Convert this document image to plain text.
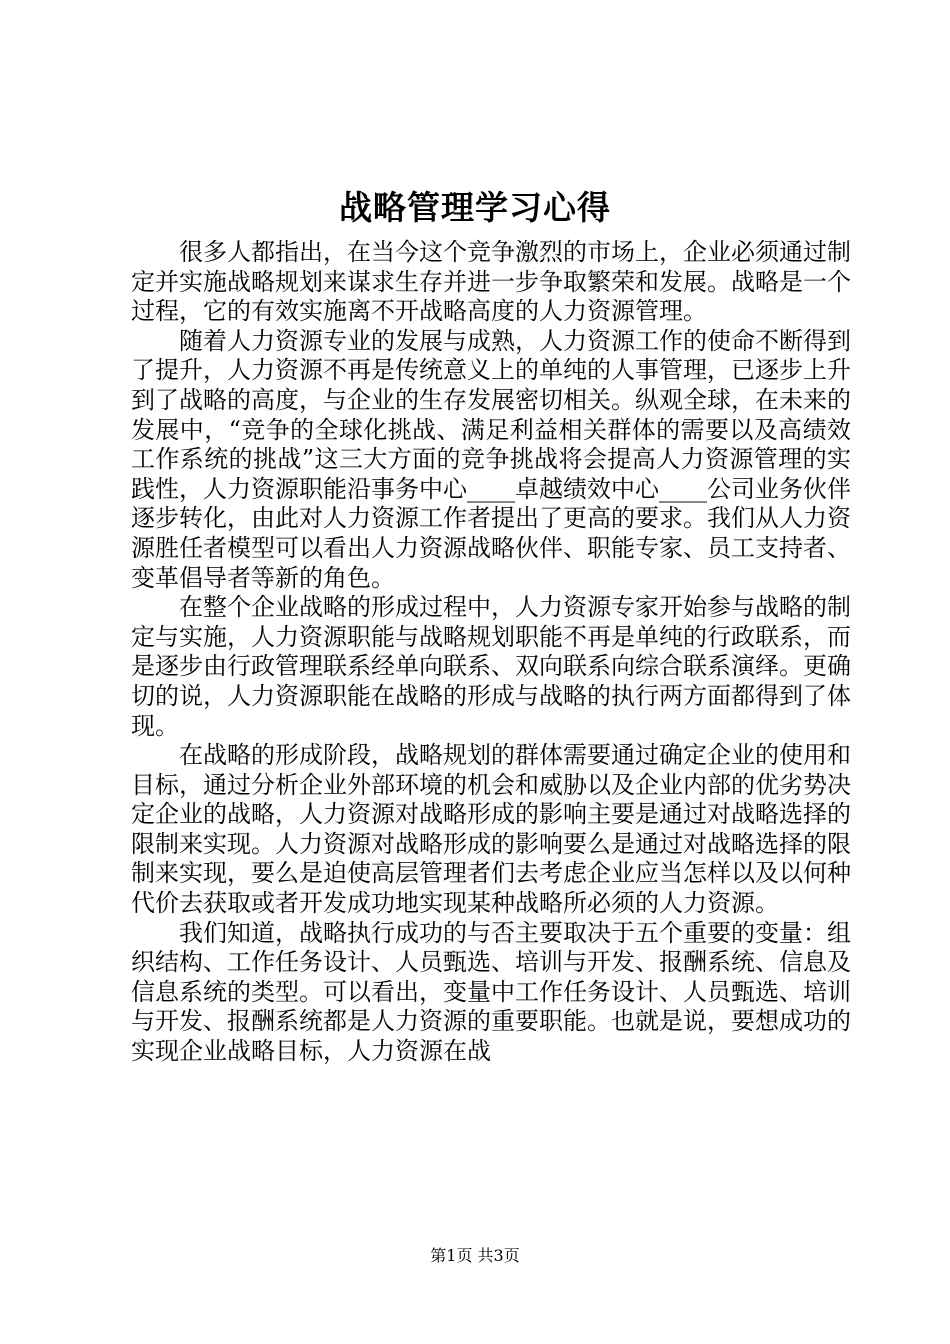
战略管理学习心得

很多人都指出，在当今这个竞争激烈的市场上，企业必须通过制定并实施战略规划来谋求生存并进一步争取繁荣和发展。战略是一个过程，它的有效实施离不开战略高度的人力资源管理。

随着人力资源专业的发展与成熟，人力资源工作的使命不断得到了提升，人力资源不再是传统意义上的单纯的人事管理，已逐步上升到了战略的高度，与企业的生存发展密切相关。纵观全球，在未来的发展中，“竞争的全球化挑战、满足利益相关群体的需要以及高绩效工作系统的挑战”这三大方面的竞争挑战将会提高人力资源管理的实践性，人力资源职能沿事务中心____卓越绩效中心____公司业务伙伴逐步转化，由此对人力资源工作者提出了更高的要求。我们从人力资源胜任者模型可以看出人力资源战略伙伴、职能专家、员工支持者、变革倡导者等新的角色。

在整个企业战略的形成过程中，人力资源专家开始参与战略的制定与实施，人力资源职能与战略规划职能不再是单纯的行政联系，而是逐步由行政管理联系经单向联系、双向联系向综合联系演绎。更确切的说，人力资源职能在战略的形成与战略的执行两方面都得到了体现。

在战略的形成阶段，战略规划的群体需要通过确定企业的使用和目标，通过分析企业外部环境的机会和威胁以及企业内部的优劣势决定企业的战略，人力资源对战略形成的影响主要是通过对战略选择的限制来实现。人力资源对战略形成的影响要么是通过对战略选择的限制来实现，要么是迫使高层管理者们去考虑企业应当怎样以及以何种代价去获取或者开发成功地实现某种战略所必须的人力资源。

我们知道，战略执行成功的与否主要取决于五个重要的变量：组织结构、工作任务设计、人员甄选、培训与开发、报酬系统、信息及信息系统的类型。可以看出，变量中工作任务设计、人员甄选、培训与开发、报酬系统都是人力资源的重要职能。也就是说，要想成功的实现企业战略目标，人力资源在战

第1页 共3页
